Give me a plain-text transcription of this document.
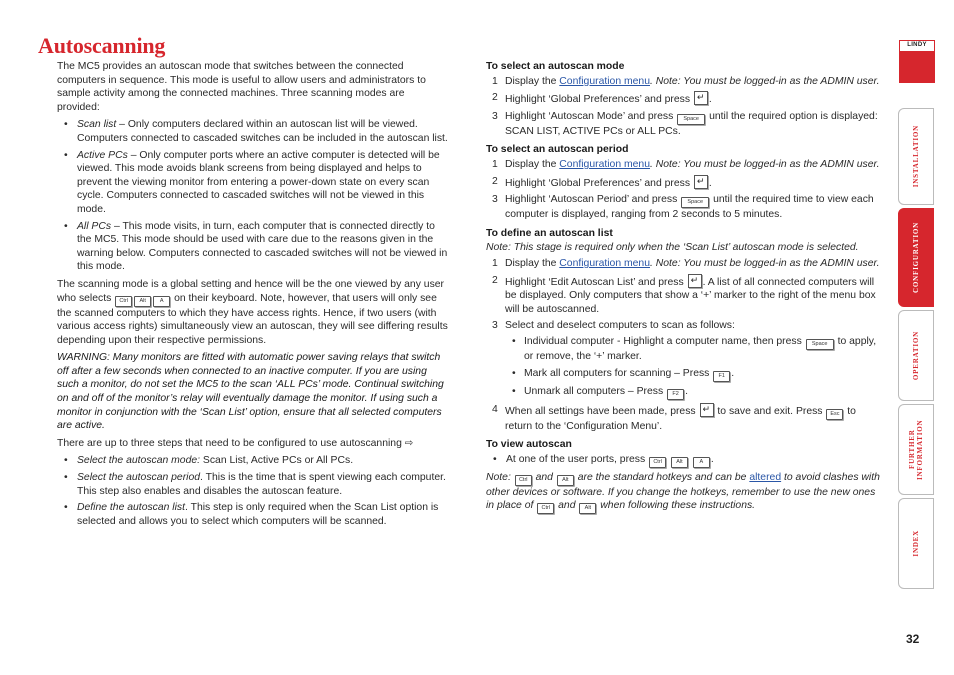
Autoscanning

The MC5 provides an autoscan mode that switches between the connected computers in sequence. This mode is useful to allow users and administrators to sample activity among the connected machines. Three scanning modes are provided:

• Scan list – Only computers declared within an autoscan list will be viewed. Computers connected to cascaded switches can be included in the autoscan list.
• Active PCs – Only computer ports where an active computer is detected will be viewed. This mode avoids blank screens from being displayed and helps to prevent the viewing monitor from entering a power-down state on every scan cycle. Computers connected to cascaded switches will not be viewed in this mode.
• All PCs – This mode visits, in turn, each computer that is connected directly to the MC5. This mode should be used with care due to the reasons given in the warning below. Computers connected to cascaded switches will not be viewed in this mode.

The scanning mode is a global setting and hence will be the one viewed by any user who selects Ctrl Alt	A on their keyboard. Note, however, that users will only see the scanned computers to which they have access rights. Hence, if two users (with various access rights) simultaneously view an autoscan, they will see differing results depending upon their respective permissions.

WARNING: Many monitors are fitted with automatic power saving relays that switch off after a few seconds when connected to an inactive computer. If you are using such a monitor, do not set the MC5 to the scan ‘ALL PCs’ mode. Continual switching on and off of the monitor’s relay will eventually damage the monitor. If using such a monitor in conjunction with the ‘Scan List’ option, ensure that all selected computers are active.

There are up to three steps that need to be configured to use autoscanning ⇨

• Select the autoscan mode: Scan List, Active PCs or All PCs.
• Select the autoscan period. This is the time that is spent viewing each computer. This step also enables and disables the autoscan feature.
• Define the autoscan list. This step is only required when the Scan List option is selected and allows you to select which computers will be scanned.
To select an autoscan mode
1 Display the Configuration menu. Note: You must be logged-in as the ADMIN user.
2 Highlight ‘Global Preferences’ and press ↵ .
3 Highlight ‘Autoscan Mode’ and press Space until the required option is displayed: SCAN LIST, ACTIVE PCs or ALL PCs.
To select an autoscan period
1 Display the Configuration menu. Note: You must be logged-in as the ADMIN user.
2 Highlight ‘Global Preferences’ and press ↵ .
3 Highlight ‘Autoscan Period’ and press Space until the required time to view each computer is displayed, ranging from 2 seconds to 5 minutes.
To define an autoscan list

Note: This stage is required only when the ‘Scan List’ autoscan mode is selected.

1 Display the Configuration menu. Note: You must be logged-in as the ADMIN user.
2 Highlight ‘Edit Autoscan List’ and press ↵ . A list of all connected computers will be displayed. Only computers that show a ‘+’ marker to the right of the menu box will be autoscanned.
3 Select and deselect computers to scan as follows:
• Individual computer - Highlight a computer name, then press Space to apply, or remove, the ‘+’ marker.
• Mark all computers for scanning – Press F1 .
• Unmark all computers – Press F2 .
4 When all settings have been made, press ↵ to save and exit. Press Esc to return to the ‘Configuration Menu’.
To view autoscan
• At one of the user ports, press Ctrl	Alt	A .

Note: Ctrl and Alt are the standard hotkeys and can be altered to avoid clashes with other devices or software. If you change the hotkeys, remember to use the new ones in place of Ctrl and Alt when following these instructions.

LINDY
INSTALLATION
CONFIGURATION
OPERATION
FURTHER INFORMATION
INDEX
32
